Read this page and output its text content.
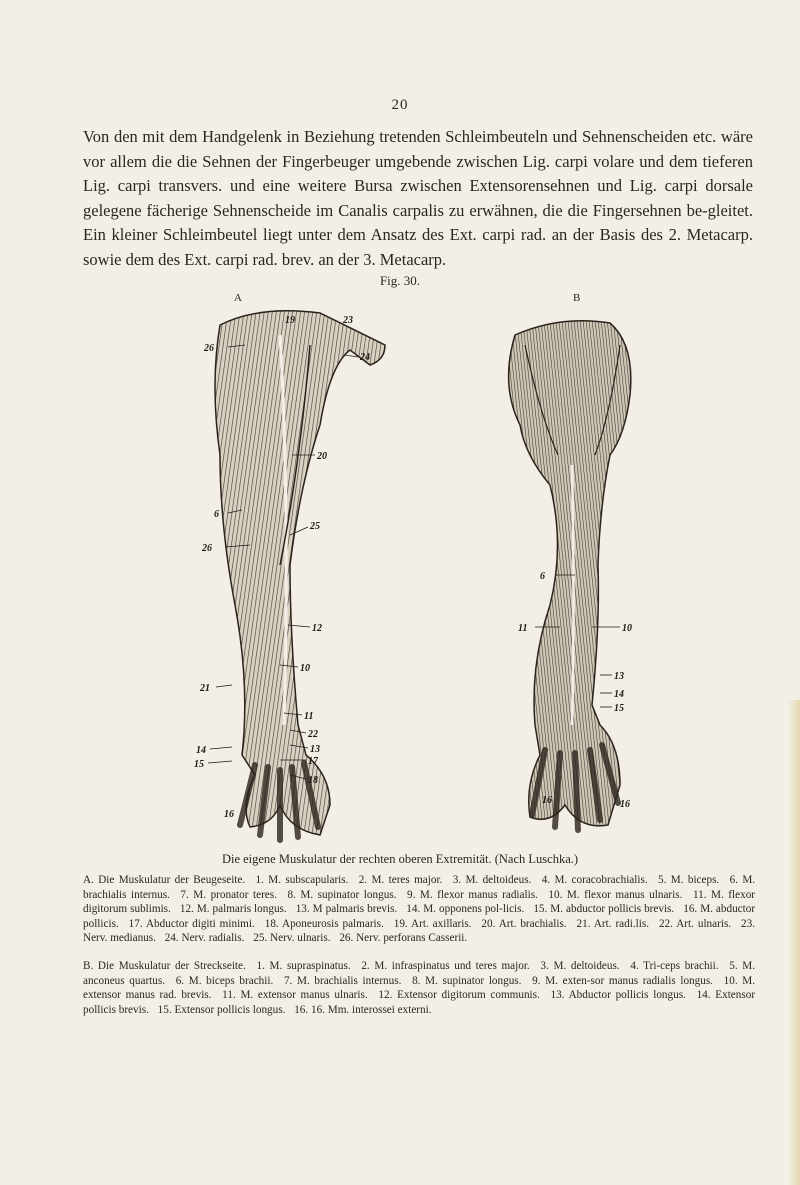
20

Von den mit dem Handgelenk in Beziehung tretenden Schleimbeuteln und Sehnenscheiden etc. wäre vor allem die die Sehnen der Fingerbeuger umgebende zwischen Lig. carpi volare und dem tieferen Lig. carpi transvers. und eine weitere Bursa zwischen Extensorensehnen und Lig. carpi dorsale gelegene fächerige Sehnenscheide im Canalis carpalis zu erwähnen, die die Fingersehnen be-gleitet. Ein kleiner Schleimbeutel liegt unter dem Ansatz des Ext. carpi rad. an der Basis des 2. Metacarp. sowie dem des Ext. carpi rad. brev. an der 3. Metacarp.

Fig. 30.
A	B
19	23
26
24
20
6
25
26
12
10
21
11
22
13
14
17
15
18
16
6
11	10
13
14
15
16	16
Die eigene Muskulatur der rechten oberen Extremität. (Nach Luschka.)

A. Die Muskulatur der Beugeseite. 1. M. subscapularis. 2. M. teres major. 3. M. deltoideus. 4. M. coracobrachialis. 5. M. biceps. 6. M. brachialis internus. 7. M. pronator teres. 8. M. supinator longus. 9. M. flexor manus radialis. 10. M. flexor manus ulnaris. 11. M. flexor digitorum sublimis. 12. M. palmaris longus. 13. M palmaris brevis. 14. M. opponens pol-licis. 15. M. abductor pollicis brevis. 16. M. abductor pollicis. 17. Abductor digiti minimi. 18. Aponeurosis palmaris. 19. Art. axillaris. 20. Art. brachialis. 21. Art. radi.lis. 22. Art. ulnaris. 23. Nerv. medianus. 24. Nerv. radialis. 25. Nerv. ulnaris. 26. Nerv. perforans Casserii.

B. Die Muskulatur der Streckseite. 1. M. supraspinatus. 2. M. infraspinatus und teres major. 3. M. deltoideus. 4. Tri-ceps brachii. 5. M. anconeus quartus. 6. M. biceps brachii. 7. M. brachialis internus. 8. M. supinator longus. 9. M. exten-sor manus radialis longus. 10. M. extensor manus rad. brevis. 11. M. extensor manus ulnaris. 12. Extensor digitorum communis. 13. Abductor pollicis longus. 14. Extensor pollicis brevis. 15. Extensor pollicis longus. 16. 16. Mm. interossei externi.
